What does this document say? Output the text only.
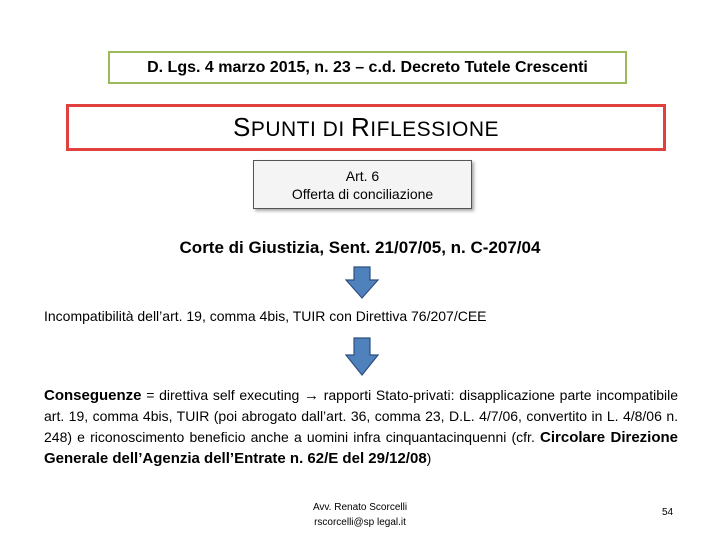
D. Lgs. 4 marzo 2015, n. 23 – c.d. Decreto Tutele Crescenti
SPUNTI DI RIFLESSIONE
Art. 6
Offerta di conciliazione
Corte di Giustizia, Sent. 21/07/05, n. C-207/04
Incompatibilità dell’art. 19, comma 4bis, TUIR con Direttiva 76/207/CEE
Conseguenze = direttiva self executing → rapporti Stato-privati: disapplicazione parte incompatibile art. 19, comma 4bis, TUIR (poi abrogato dall’art. 36, comma 23, D.L. 4/7/06, convertito in L. 4/8/06 n. 248) e riconoscimento beneficio anche a uomini infra cinquantacinquenni (cfr. Circolare Direzione Generale dell’Agenzia dell’Entrate n. 62/E del 29/12/08)
Avv. Renato Scorcelli
rscorcelli@sp legal.it
54
